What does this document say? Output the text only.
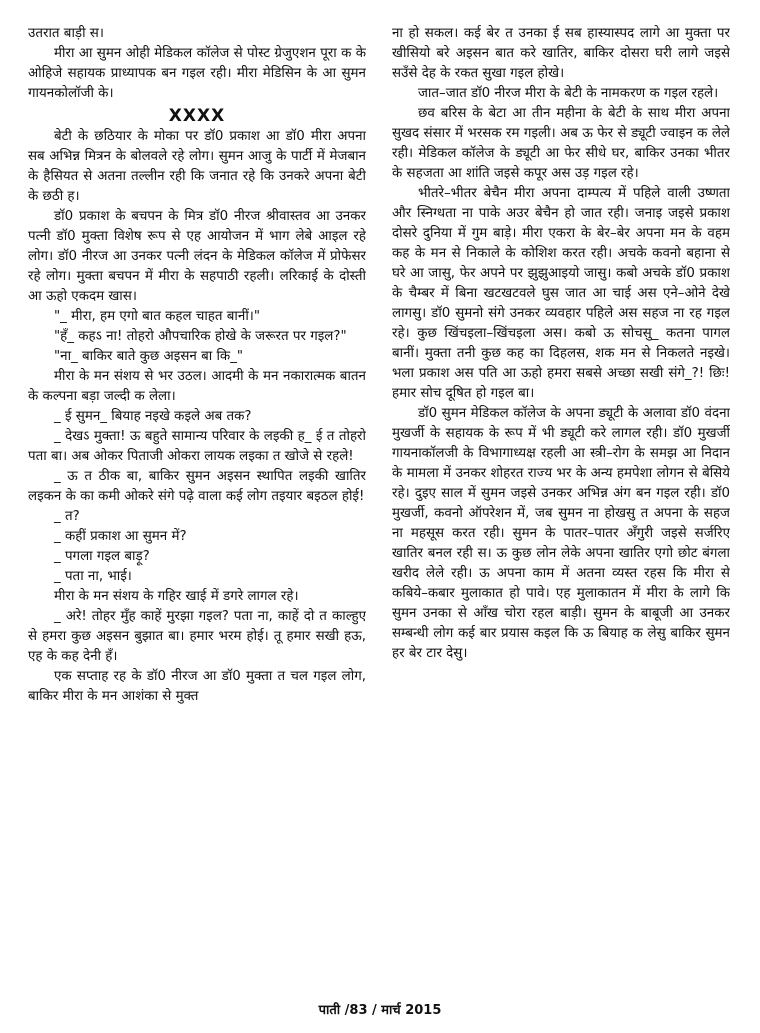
उतरात बाड़ी स।

मीरा आ सुमन ओही मेडिकल कॉलेज से पोस्ट ग्रेजुएशन पूरा क के ओहिजे सहायक प्राध्यापक बन गइल रही। मीरा मेडिसिन के आ सुमन गायनकोलॉजी के।

XXXX

बेटी के छठियार के मोका पर डॉ0 प्रकाश आ डॉ0 मीरा अपना सब अभिन्न मित्रन के बोलवले रहे लोग। सुमन आजु के पार्टी में मेजबान के हैसियत से अतना तल्लीन रही कि जनात रहे कि उनकरे अपना बेटी के छठी ह।

डॉ0 प्रकाश के बचपन के मित्र डॉ0 नीरज श्रीवास्तव आ उनकर पत्नी डॉ0 मुक्ता विशेष रूप से एह आयोजन में भाग लेबे आइल रहे लोग। डॉ0 नीरज आ उनकर पत्नी लंदन के मेडिकल कॉलेज में प्रोफेसर रहे लोग। मुक्ता बचपन में मीरा के सहपाठी रहली। लरिकाई के दोस्ती आ ऊहो एकदम खास।

"_ मीरा, हम एगो बात कहल चाहत बानीं।"

"हँ_ कहऽ ना! तोहरो औपचारिक होखे के जरूरत पर गइल?"

"ना_ बाकिर बाते कुछ अइसन बा कि_"

मीरा के मन संशय से भर उठल। आदमी के मन नकारात्मक बातन के कल्पना बड़ा जल्दी क लेला।

_ ई सुमन_ बियाह नइखे कइले अब तक?

_ देखऽ मुक्ता! ऊ बहुते सामान्य परिवार के लइकी ह_ ई त तोहरो पता बा। अब ओकर पिताजी ओकरा लायक लइका त खोजे से रहले!

_ ऊ त ठीक बा, बाकिर सुमन अइसन स्थापित लइकी खातिर लइकन के का कमी ओकरे संगे पढ़े वाला कई लोग तइयार बइठल होई!

_ त?

_ कहीं प्रकाश आ सुमन में?

_ पगला गइल बाड़ू?

_ पता ना, भाई।

मीरा के मन संशय के गहिर खाई में डगरे लागल रहे।

_ अरे! तोहर मुँह काहें मुरझा गइल? पता ना, काहें दो त काल्हुए से हमरा कुछ अइसन बुझात बा। हमार भरम होई। तू हमार सखी हऊ, एह के कह देनी हँ।

एक सप्ताह रह के डॉ0 नीरज आ डॉ0 मुक्ता त चल गइल लोग, बाकिर मीरा के मन आशंका से मुक्त

ना हो सकल। कई बेर त उनका ई सब हास्यास्पद लागे आ मुक्ता पर खीसियो बरे अइसन बात करे खातिर, बाकिर दोसरा घरी लागे जइसे सउँसे देह के रकत सुखा गइल होखे।

जात–जात डॉ0 नीरज मीरा के बेटी के नामकरण क गइल रहले।

छव बरिस के बेटा आ तीन महीना के बेटी के साथ मीरा अपना सुखद संसार में भरसक रम गइली। अब ऊ फेर से ड्यूटी ज्वाइन क लेले रही। मेडिकल कॉलेज के ड्यूटी आ फेर सीधे घर, बाकिर उनका भीतर के सहजता आ शांति जइसे कपूर अस उड़ गइल रहे।

भीतरे–भीतर बेचैन मीरा अपना दाम्पत्य में पहिले वाली उष्णता और स्निग्धता ना पाके अउर बेचैन हो जात रही। जनाइ जइसे प्रकाश दोसरे दुनिया में गुम बाड़े। मीरा एकरा के बेर–बेर अपना मन के वहम कह के मन से निकाले के कोशिश करत रही। अचके कवनो बहाना से घरे आ जासु, फेर अपने पर झुझुआइयो जासु। कबो अचके डॉ0 प्रकाश के चैम्बर में बिना खटखटवले घुस जात आ चाई अस एने–ओने देखे लागसु। डॉ0 सुमनो संगे उनकर व्यवहार पहिले अस सहज ना रह गइल रहे। कुछ खिंचइला–खिंचइला अस। कबो ऊ सोचसु_ कतना पागल बानीं। मुक्ता तनी कुछ कह का दिहलस, शक मन से निकलते नइखे। भला प्रकाश अस पति आ ऊहो हमरा सबसे अच्छा सखी संगे_?! छिः! हमार सोच दूषित हो गइल बा।

डॉ0 सुमन मेडिकल कॉलेज के अपना ड्यूटी के अलावा डॉ0 वंदना मुखर्जी के सहायक के रूप में भी ड्यूटी करे लागल रही। डॉ0 मुखर्जी गायनाकॉलजी के विभागाध्यक्ष रहली आ स्त्री–रोग के समझ आ निदान के मामला में उनकर शोहरत राज्य भर के अन्य हमपेशा लोगन से बेसिये रहे। दुइए साल में सुमन जइसे उनकर अभिन्न अंग बन गइल रही। डॉ0 मुखर्जी, कवनो ऑपरेशन में, जब सुमन ना होखसु त अपना के सहज ना महसूस करत रही। सुमन के पातर–पातर अँगुरी जइसे सर्जरिए खातिर बनल रही स। ऊ कुछ लोन लेके अपना खातिर एगो छोट बंगला खरीद लेले रही। ऊ अपना काम में अतना व्यस्त रहस कि मीरा से कबिये–कबार मुलाकात हो पावे। एह मुलाकातन में मीरा के लागे कि सुमन उनका से आँख चोरा रहल बाड़ी। सुमन के बाबूजी आ उनकर सम्बन्धी लोग कई बार प्रयास कइल कि ऊ बियाह क लेसु बाकिर सुमन हर बेर टार देसु।

पाती /83 / मार्च 2015
